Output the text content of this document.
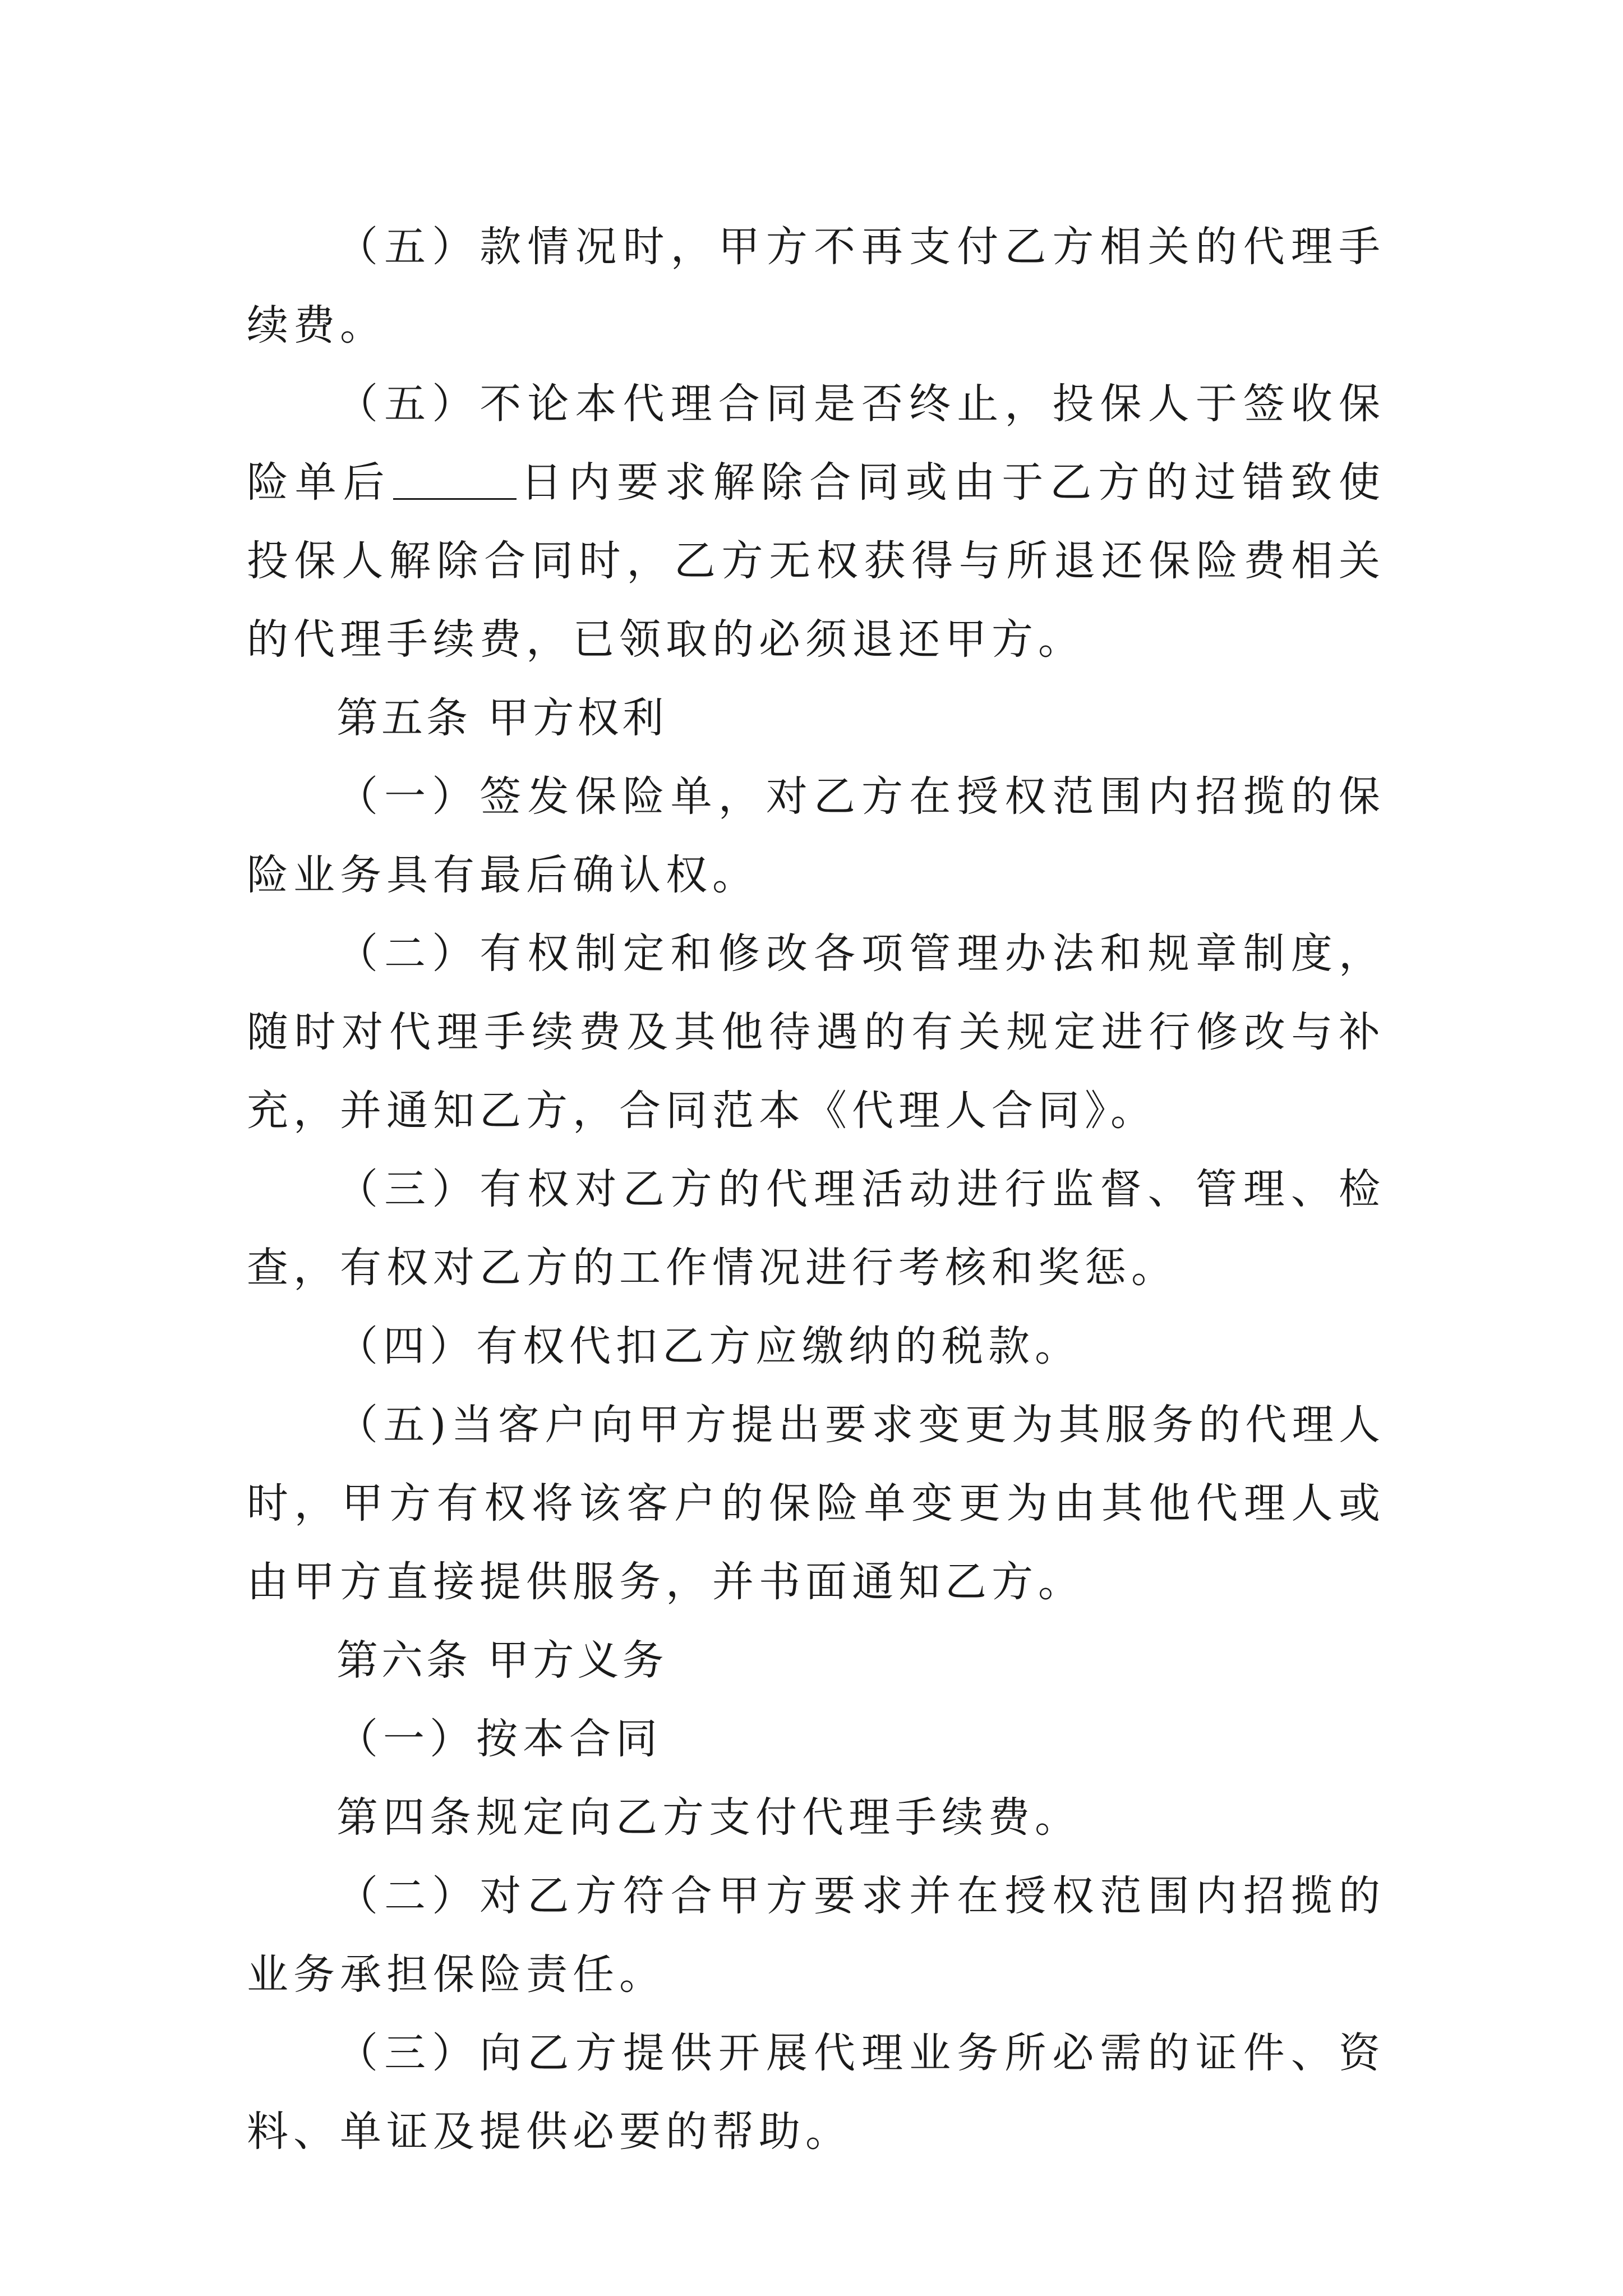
（五）款情况时，甲方不再支付乙方相关的代理手续费。

（五）不论本代理合同是否终止，投保人于签收保险单后	日内要求解除合同或由于乙方的过错致使投保人解除合同时，乙方无权获得与所退还保险费相关的代理手续费，已领取的必须退还甲方。

第五条 甲方权利

（一）签发保险单，对乙方在授权范围内招揽的保险业务具有最后确认权。

（二）有权制定和修改各项管理办法和规章制度，随时对代理手续费及其他待遇的有关规定进行修改与补充，并通知乙方，合同范本《代理人合同》。

（三）有权对乙方的代理活动进行监督、管理、检查，有权对乙方的工作情况进行考核和奖惩。

（四）有权代扣乙方应缴纳的税款。

（五)当客户向甲方提出要求变更为其服务的代理人时，甲方有权将该客户的保险单变更为由其他代理人或由甲方直接提供服务，并书面通知乙方。

第六条 甲方义务

（一）按本合同

第四条规定向乙方支付代理手续费。

（二）对乙方符合甲方要求并在授权范围内招揽的业务承担保险责任。

（三）向乙方提供开展代理业务所必需的证件、资料、单证及提供必要的帮助。
